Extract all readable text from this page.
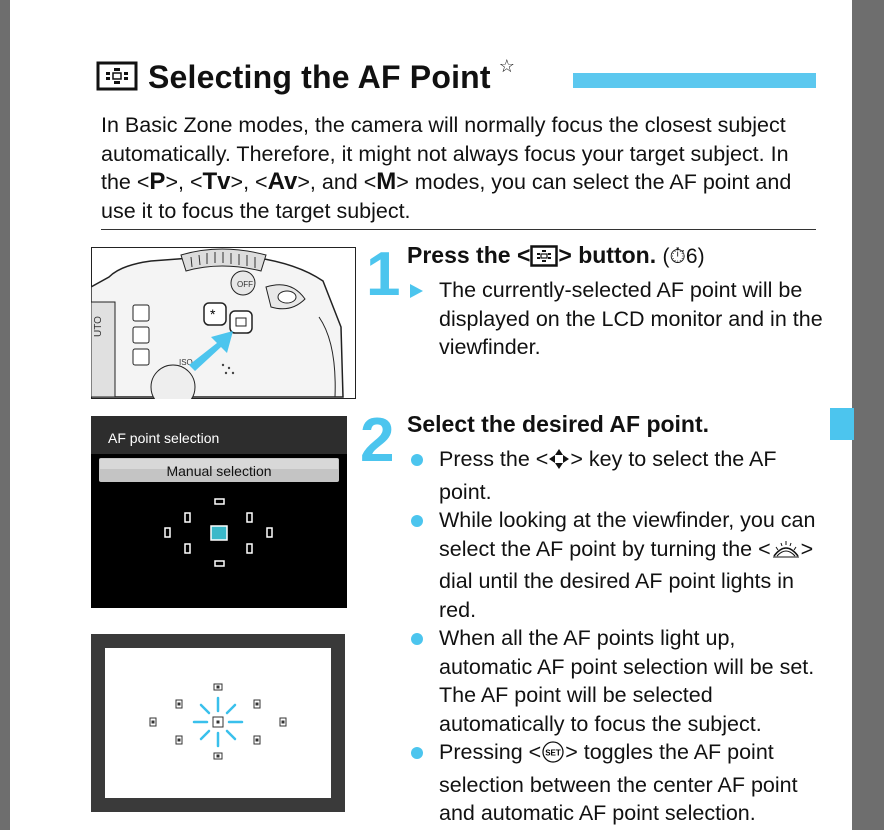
Selecting the AF Point ☆
In Basic Zone modes, the camera will normally focus the closest subject automatically. Therefore, it might not always focus your target subject. In the <P>, <Tv>, <Av>, and <M> modes, you can select the AF point and use it to focus the target subject.
OFF
UTO
*
ISO
1 Press the < > button. (⏱6)
The currently-selected AF point will be displayed on the LCD monitor and in the viewfinder.
AF point selection
Manual selection 2 Select the desired AF point.
Press the < > key to select the AF point.
While looking at the viewfinder, you can select the AF point by turning the < > dial until the desired AF point lights in red.
When all the AF points light up, automatic AF point selection will be set. The AF point will be selected automatically to focus the subject.
Pressing < SET > toggles the AF point selection between the center AF point and automatic AF point selection.
